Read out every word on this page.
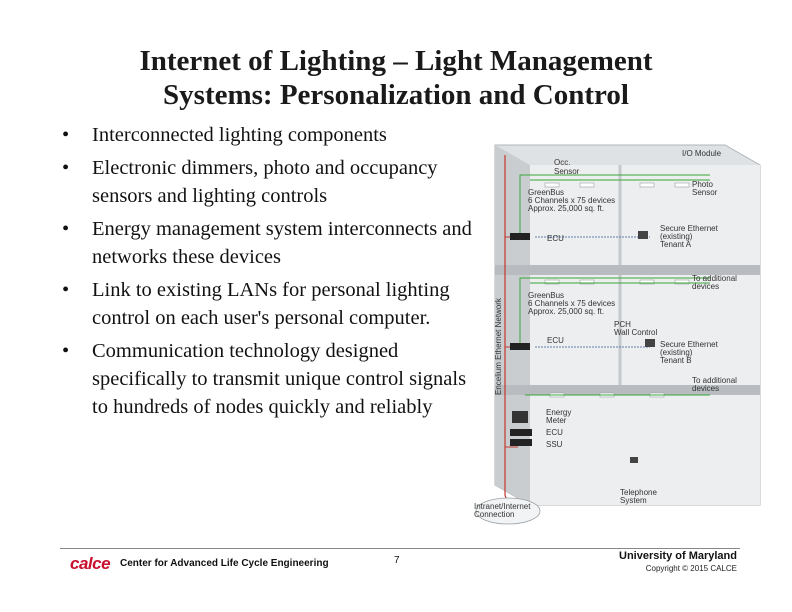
Internet of Lighting – Light Management
Systems: Personalization and Control
• Interconnected lighting components
• Electronic dimmers, photo and occupancy sensors and lighting controls
• Energy management system interconnects and networks these devices
• Link to existing LANs for personal lighting control on each user's personal computer.
• Communication technology designed specifically to transmit unique control signals to hundreds of nodes quickly and reliably
I/O Module
Occ.
Sensor
Photo
Sensor
GreenBus
6 Channels x 75 devices
Approx. 25,000 sq. ft.
ECU
Secure Ethernet
(existing)
Tenant A
To additional
devices
GreenBus
6 Channels x 75 devices
Approx. 25,000 sq. ft.
PCH
Wall Control
ECU	Secure Ethernet
(existing)
Tenant B
To additional
devices
Energy
Meter
ECU
SSU
Telephone
System
Intranet/Internet
Connection
Encelium Ethernet Network
calce Center for Advanced Life Cycle Engineering	7	University of Maryland
Copyright © 2015 CALCE
